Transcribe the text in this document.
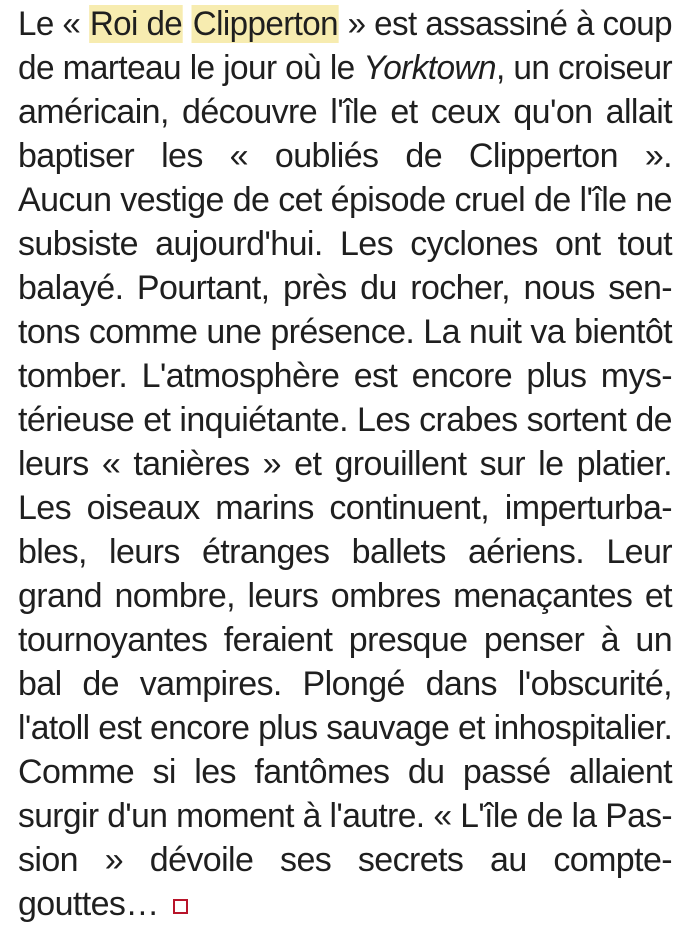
Le « Roi de Clipperton » est assassiné à coup
de marteau le jour où le Yorktown, un croiseur
américain, découvre l'île et ceux qu'on allait
baptiser les « oubliés de Clipperton ».
Aucun vestige de cet épisode cruel de l'île ne
subsiste aujourd'hui. Les cyclones ont tout
balayé. Pourtant, près du rocher, nous sen-
tons comme une présence. La nuit va bientôt
tomber. L'atmosphère est encore plus mys-
térieuse et inquiétante. Les crabes sortent de
leurs « tanières » et grouillent sur le platier.
Les oiseaux marins continuent, imperturba-
bles, leurs étranges ballets aériens. Leur
grand nombre, leurs ombres menaçantes et
tournoyantes feraient presque penser à un
bal de vampires. Plongé dans l'obscurité,
l'atoll est encore plus sauvage et inhospitalier.
Comme si les fantômes du passé allaient
surgir d'un moment à l'autre. « L'île de la Pas-
sion » dévoile ses secrets au compte-
gouttes…
